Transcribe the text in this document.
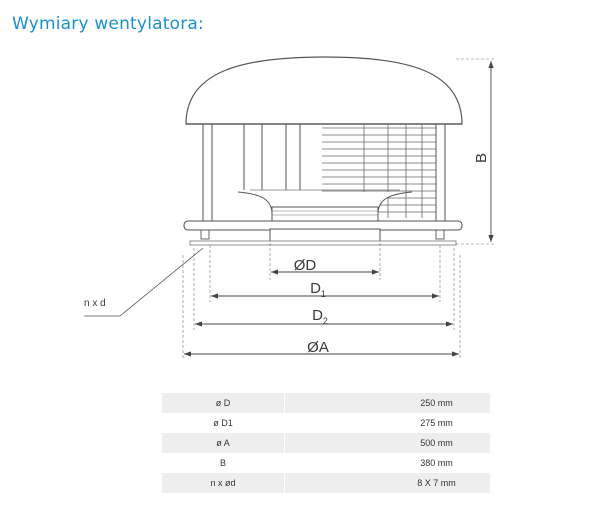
Wymiary wentylatora:
ØD
$D_1$
$D_2$
ØA
B
n x d
ø D	250 mm
ø D1	275 mm
ø A	500 mm
B	380 mm
n x ød	8 X 7 mm
